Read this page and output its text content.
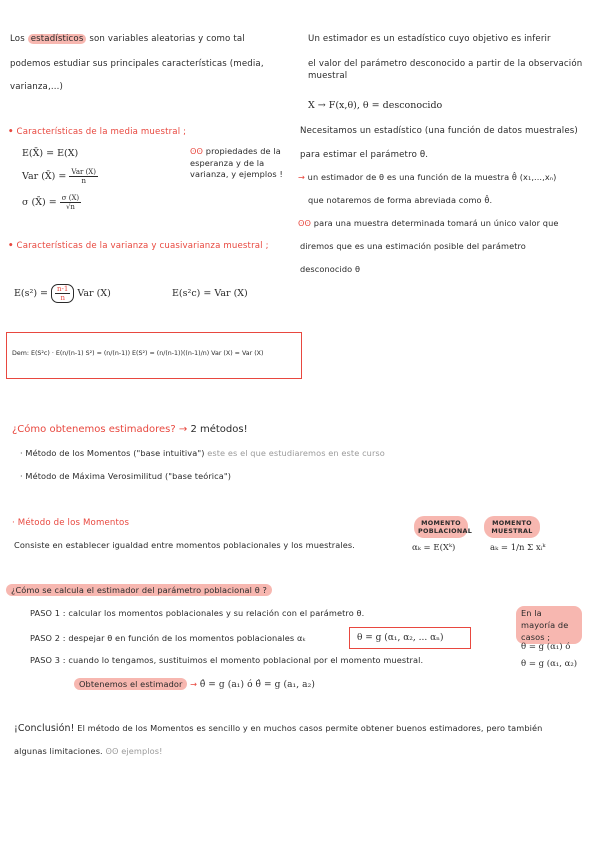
Los estadísticos son variables aleatorias y como tal
podemos estudiar sus principales características (media,
varianza,...)
• Características de la media muestral ;
E(X̄) = E(X)
Var (X̄) = $\frac{\text{Var (X)}}{n}$
σ (X̄) = $\frac{\sigma (X)}{√n}$
ʘʘ propiedades de la esperanza y de la varianza, y ejemplos !
• Características de la varianza y cuasivarianza muestral ;
$E(s^2) = \frac{n-1}{n}$ Var (X)	E(s²c) = Var (X)
Dem: E(S²c) · E(n/(n-1) S²) = (n/(n-1)) E(S²) = (n/(n-1))((n-1)/n) Var (X) = Var (X)
Un estimador es un estadístico cuyo objetivo es inferir
el valor del parámetro desconocido a partir de la observación muestral
X → F(x,θ), θ = desconocido
Necesitamos un estadístico (una función de datos muestrales)
para estimar el parámetro θ.
→ un estimador de θ es una función de la muestra θ̂ (x₁,...,xₙ)
que notaremos de forma abreviada como θ̂.
ʘʘ para una muestra determinada tomará un único valor que
diremos que es una estimación posible del parámetro
desconocido θ
¿Cómo obtenemos estimadores? → 2 métodos!
· Método de los Momentos ("base intuitiva") este es el que estudiaremos en este curso
· Método de Máxima Verosimilitud ("base teórica")
· Método de los Momentos
Consiste en establecer igualdad entre momentos poblacionales y los muestrales.
MOMENTO POBLACIONAL
αₖ = E(Xᵏ)
MOMENTO MUESTRAL
aₖ = 1/n Σ xᵢᵏ
¿Cómo se calcula el estimador del parámetro poblacional θ ?
PASO 1 : calcular los momentos poblacionales y su relación con el parámetro θ.
PASO 2 : despejar θ en función de los momentos poblacionales αₖ	θ = g (α₁, α₂, ... αₙ)
PASO 3 : cuando lo tengamos, sustituimos el momento poblacional por el momento muestral.
Obtenemos el estimador → θ̂ = g (a₁) ó θ̂ = g (a₁, a₂)
En la mayoría de casos ;
θ = g (α₁) ó
θ = g (α₁, α₂)
¡Conclusión! El método de los Momentos es sencillo y en muchos casos permite obtener buenos estimadores, pero también
algunas limitaciones. ʘʘ ejemplos!
